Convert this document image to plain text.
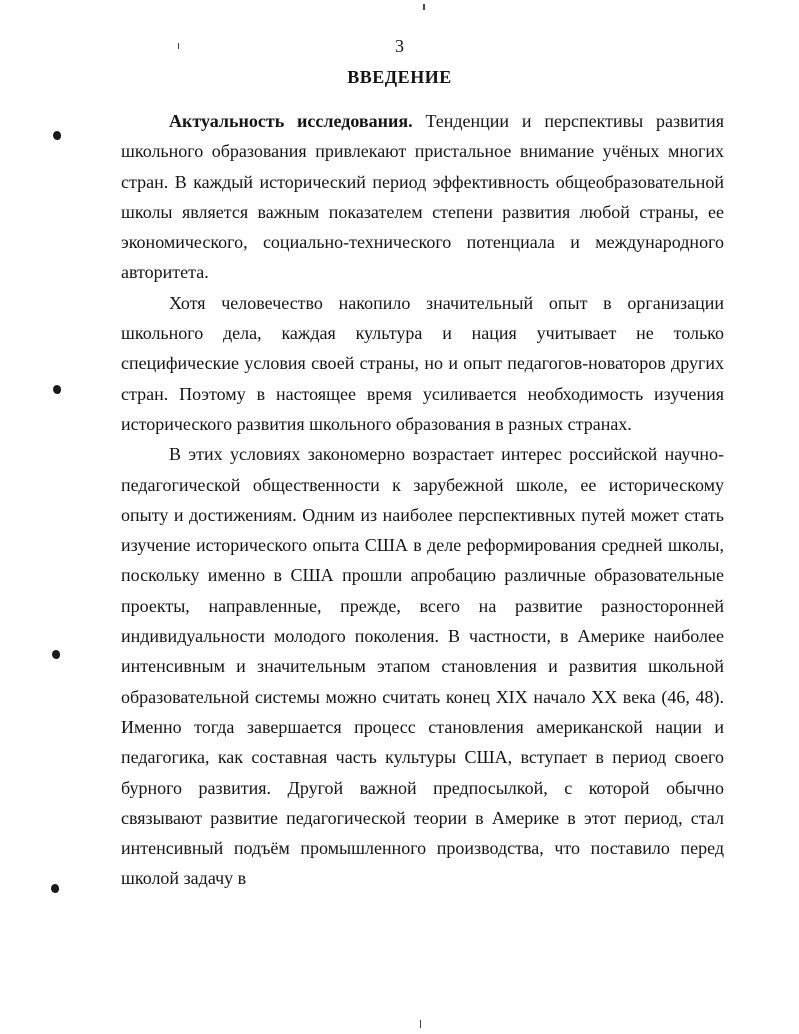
3
ВВЕДЕНИЕ

Актуальность исследования. Тенденции и перспективы развития школьного образования привлекают пристальное внимание учёных многих стран. В каждый исторический период эффективность общеобразовательной школы является важным показателем степени развития любой страны, ее экономического, социально-технического потенциала и международного авторитета.

Хотя человечество накопило значительный опыт в организации школьного дела, каждая культура и нация учитывает не только специфические условия своей страны, но и опыт педагогов-новаторов других стран. Поэтому в настоящее время усиливается необходимость изучения исторического развития школьного образования в разных странах.

В этих условиях закономерно возрастает интерес российской научно-педагогической общественности к зарубежной школе, ее историческому опыту и достижениям. Одним из наиболее перспективных путей может стать изучение исторического опыта США в деле реформирования средней школы, поскольку именно в США прошли апробацию различные образовательные проекты, направленные, прежде, всего на развитие разносторонней индивидуальности молодого поколения. В частности, в Америке наиболее интенсивным и значительным этапом становления и развития школьной образовательной системы можно считать конец XIX начало XX века (46, 48). Именно тогда завершается процесс становления американской нации и педагогика, как составная часть культуры США, вступает в период своего бурного развития. Другой важной предпосылкой, с которой обычно связывают развитие педагогической теории в Америке в этот период, стал интенсивный подъём промышленного производства, что поставило перед школой задачу в
